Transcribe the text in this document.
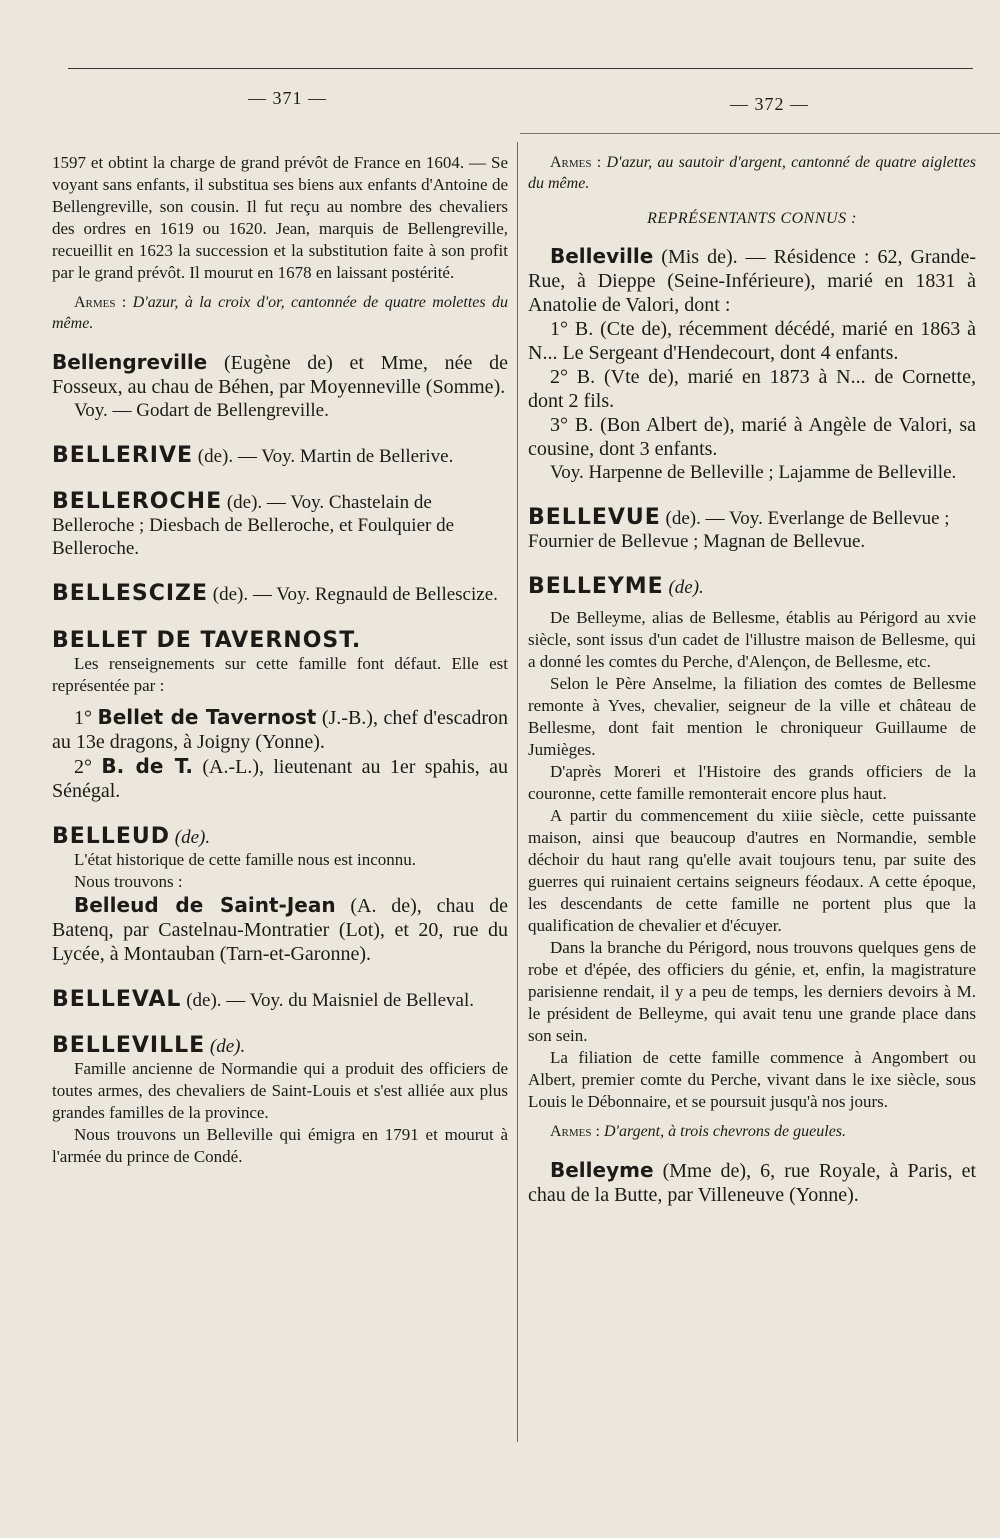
— 371 —	— 372 —

1597 et obtint la charge de grand prévôt de France en 1604. — Se voyant sans enfants, il substitua ses biens aux enfants d'Antoine de Bellengreville, son cousin. Il fut reçu au nombre des chevaliers des ordres en 1619 ou 1620. Jean, marquis de Bellengreville, recueillit en 1623 la succession et la substitution faite à son profit par le grand prévôt. Il mourut en 1678 en laissant postérité.

Armes : D'azur, à la croix d'or, cantonnée de quatre molettes du même.

Bellengreville (Eugène de) et Mme, née de Fosseux, au chau de Béhen, par Moyenneville (Somme).

Voy. — Godart de Bellengreville.

BELLERIVE (de). — Voy. Martin de Bellerive.

BELLEROCHE (de). — Voy. Chastelain de Belleroche ; Diesbach de Belleroche, et Foulquier de Belleroche.

BELLESCIZE (de). — Voy. Regnauld de Bellescize.

BELLET DE TAVERNOST.

Les renseignements sur cette famille font défaut. Elle est représentée par :

1° Bellet de Tavernost (J.-B.), chef d'escadron au 13e dragons, à Joigny (Yonne).

2° B. de T. (A.-L.), lieutenant au 1er spahis, au Sénégal.

BELLEUD (de).

L'état historique de cette famille nous est inconnu.

Nous trouvons :

Belleud de Saint-Jean (A. de), chau de Batenq, par Castelnau-Montratier (Lot), et 20, rue du Lycée, à Montauban (Tarn-et-Garonne).

BELLEVAL (de). — Voy. du Maisniel de Belleval.

BELLEVILLE (de).

Famille ancienne de Normandie qui a produit des officiers de toutes armes, des chevaliers de Saint-Louis et s'est alliée aux plus grandes familles de la province.

Nous trouvons un Belleville qui émigra en 1791 et mourut à l'armée du prince de Condé.

Armes : D'azur, au sautoir d'argent, cantonné de quatre aiglettes du même.

REPRÉSENTANTS CONNUS :

Belleville (Mis de). — Résidence : 62, Grande-Rue, à Dieppe (Seine-Inférieure), marié en 1831 à Anatolie de Valori, dont :

1° B. (Cte de), récemment décédé, marié en 1863 à N... Le Sergeant d'Hendecourt, dont 4 enfants.

2° B. (Vte de), marié en 1873 à N... de Cornette, dont 2 fils.

3° B. (Bon Albert de), marié à Angèle de Valori, sa cousine, dont 3 enfants.

Voy. Harpenne de Belleville ; Lajamme de Belleville.

BELLEVUE (de). — Voy. Everlange de Bellevue ; Fournier de Bellevue ; Magnan de Bellevue.

BELLEYME (de).

De Belleyme, alias de Bellesme, établis au Périgord au xvie siècle, sont issus d'un cadet de l'illustre maison de Bellesme, qui a donné les comtes du Perche, d'Alençon, de Bellesme, etc.

Selon le Père Anselme, la filiation des comtes de Bellesme remonte à Yves, chevalier, seigneur de la ville et château de Bellesme, dont fait mention le chroniqueur Guillaume de Jumièges.

D'après Moreri et l'Histoire des grands officiers de la couronne, cette famille remonterait encore plus haut.

A partir du commencement du xiiie siècle, cette puissante maison, ainsi que beaucoup d'autres en Normandie, semble déchoir du haut rang qu'elle avait toujours tenu, par suite des guerres qui ruinaient certains seigneurs féodaux. A cette époque, les descendants de cette famille ne portent plus que la qualification de chevalier et d'écuyer.

Dans la branche du Périgord, nous trouvons quelques gens de robe et d'épée, des officiers du génie, et, enfin, la magistrature parisienne rendait, il y a peu de temps, les derniers devoirs à M. le président de Belleyme, qui avait tenu une grande place dans son sein.

La filiation de cette famille commence à Angombert ou Albert, premier comte du Perche, vivant dans le ixe siècle, sous Louis le Débonnaire, et se poursuit jusqu'à nos jours.

Armes : D'argent, à trois chevrons de gueules.

Belleyme (Mme de), 6, rue Royale, à Paris, et chau de la Butte, par Villeneuve (Yonne).
